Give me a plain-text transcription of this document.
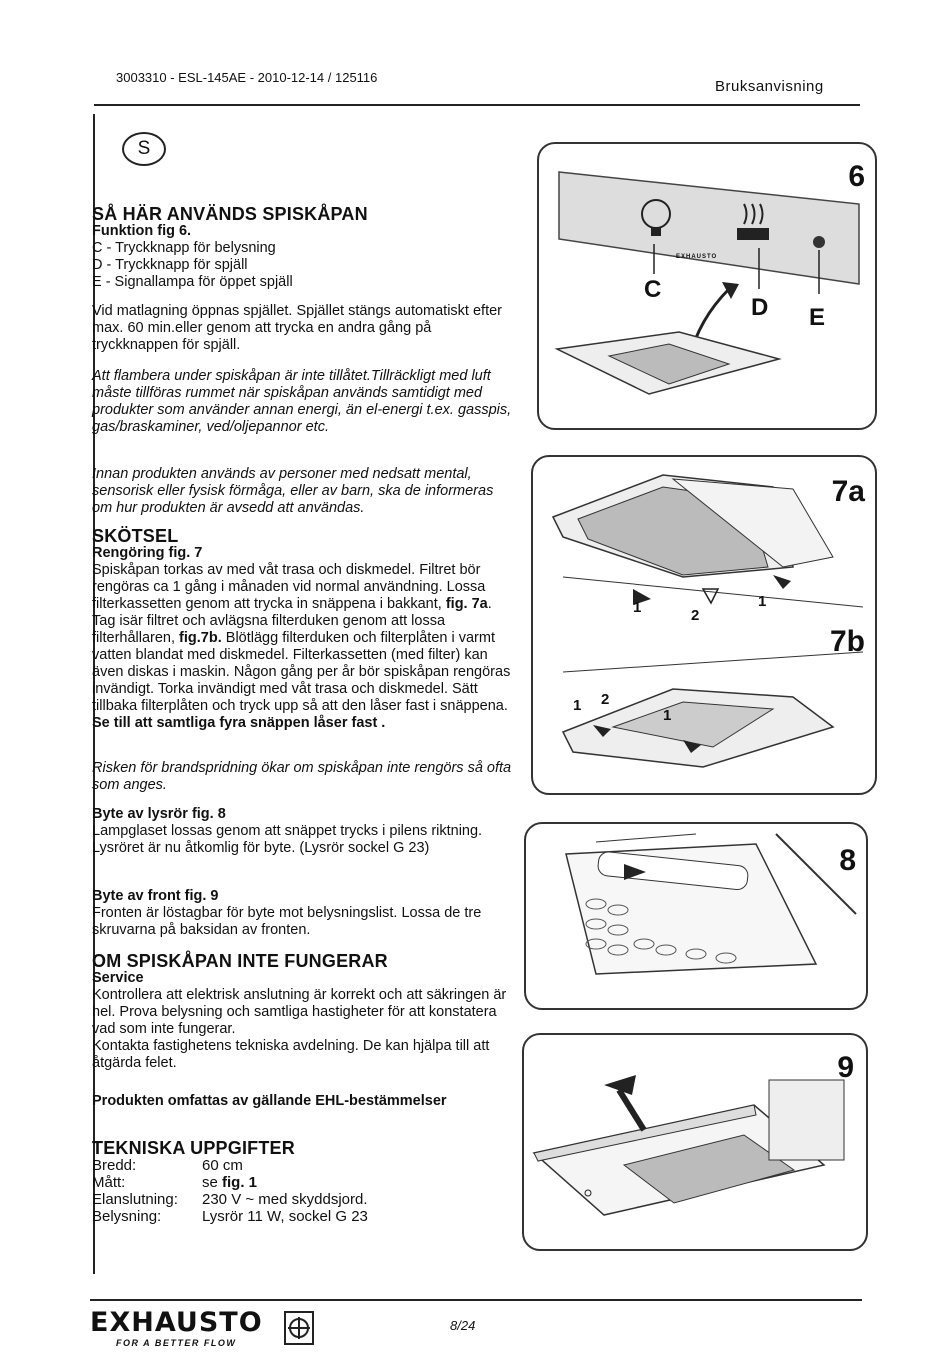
3003310 - ESL-145AE - 2010-12-14 / 125116
Bruksanvisning
S
SÅ HÄR ANVÄNDS SPISKÅPAN
Funktion fig 6.
C - Tryckknapp för belysning
D - Tryckknapp för spjäll
E - Signallampa för öppet spjäll

Vid matlagning öppnas spjället. Spjället stängs automatiskt efter max. 60 min.eller genom att trycka en andra gång på tryckknappen för spjäll.

Att flambera under spiskåpan är inte tillåtet.Tillräckligt med luft måste tillföras rummet när spiskåpan används samtidigt med produkter som använder annan energi, än el-energi t.ex. gasspis, gas/braskaminer, ved/oljepannor etc.

Innan produkten används av personer med nedsatt mental, sensorisk eller fysisk förmåga, eller av barn, ska de informeras om hur produkten är avsedd att användas.

SKÖTSEL
Rengöring fig. 7
Spiskåpan torkas av med våt trasa och diskmedel. Filtret bör rengöras ca 1 gång i månaden vid normal användning. Lossa filterkassetten genom att trycka in snäppena i bakkant, fig. 7a. Tag isär filtret och avlägsna filterduken genom att lossa filterhållaren, fig.7b. Blötlägg filterduken och filterplåten i varmt vatten blandat med diskmedel. Filterkassetten (med filter) kan även diskas i maskin. Någon gång per år bör spiskåpan rengöras invändigt. Torka invändigt med våt trasa och diskmedel. Sätt tillbaka filterplåten och tryck upp så att den låser fast i snäppena.
Se till att samtliga fyra snäppen låser fast .

Risken för brandspridning ökar om spiskåpan inte rengörs så ofta som anges.

Byte av lysrör fig. 8
Lampglaset lossas genom att snäppet trycks i pilens riktning. Lysröret är nu åtkomlig för byte. (Lysrör sockel G 23)
Byte av front fig. 9
Fronten är löstagbar för byte mot belysningslist. Lossa de tre skruvarna på baksidan av fronten.
OM SPISKÅPAN INTE FUNGERAR
Service
Kontrollera att elektrisk anslutning är korrekt och att säkringen är hel. Prova belysning och samtliga hastigheter för att konstatera vad som inte fungerar.
Kontakta fastighetens tekniska avdelning. De kan hjälpa till att åtgärda felet.
Produkten omfattas av gällande EHL-bestämmelser
TEKNISKA UPPGIFTER
Bredd:	60 cm
Mått:	se fig. 1
Elanslutning:	230 V ~ med skyddsjord.
Belysning:	Lysrör 11 W, sockel G 23
6
EXHAUSTO
C
D E
7a
7b
1	2
1
1 2
1
8
9
EXHAUSTO
FOR A BETTER FLOW
8/24
